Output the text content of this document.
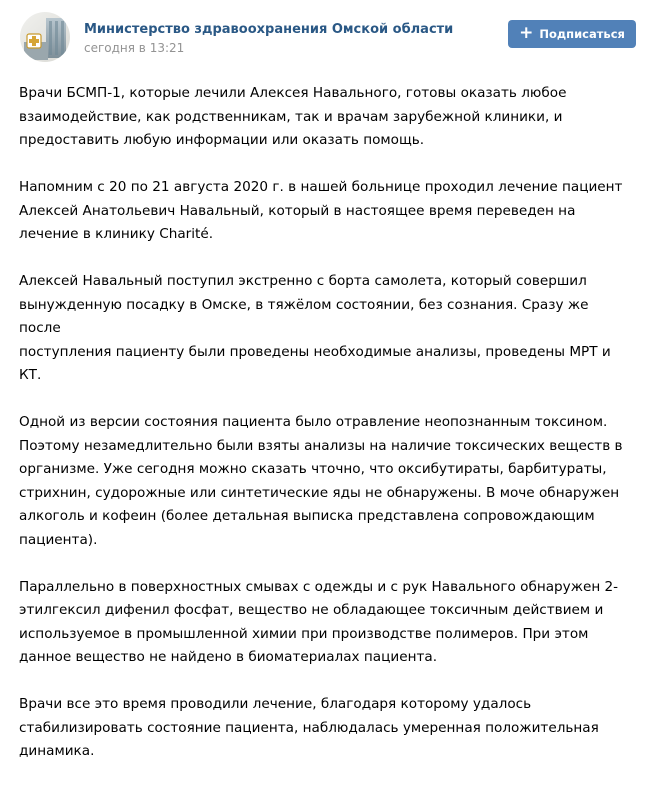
Министерство здравоохранения Омской области
сегодня в 13:21
+ Подписаться

Врачи БСМП-1, которые лечили Алексея Навального, готовы оказать любое
взаимодействие, как родственникам, так и врачам зарубежной клиники, и
предоставить любую информации или оказать помощь.

Напомним с 20 по 21 августа 2020 г. в нашей больнице проходил лечение пациент
Алексей Анатольевич Навальный, который в настоящее время переведен на
лечение в клинику Charité.

Алексей Навальный поступил экстренно с борта самолета, который совершил
вынужденную посадку в Омске, в тяжёлом состоянии, без сознания. Сразу же после
поступления пациенту были проведены необходимые анализы, проведены МРТ и
КТ.

Одной из версии состояния пациента было отравление неопознанным токсином.
Поэтому незамедлительно были взяты анализы на наличие токсических веществ в
организме. Уже сегодня можно сказать чточно, что оксибутираты, барбитураты,
стрихнин, судорожные или синтетические яды не обнаружены. В моче обнаружен
алкоголь и кофеин (более детальная выписка представлена сопровождающим
пациента).

Параллельно в поверхностных смывах с одежды и с рук Навального обнаружен 2-
этилгексил дифенил фосфат, вещество не обладающее токсичным действием и
используемое в промышленной химии при производстве полимеров. При этом
данное вещество не найдено в биоматериалах пациента.

Врачи все это время проводили лечение, благодаря которому удалось
стабилизировать состояние пациента, наблюдалась умеренная положительная
динамика.
